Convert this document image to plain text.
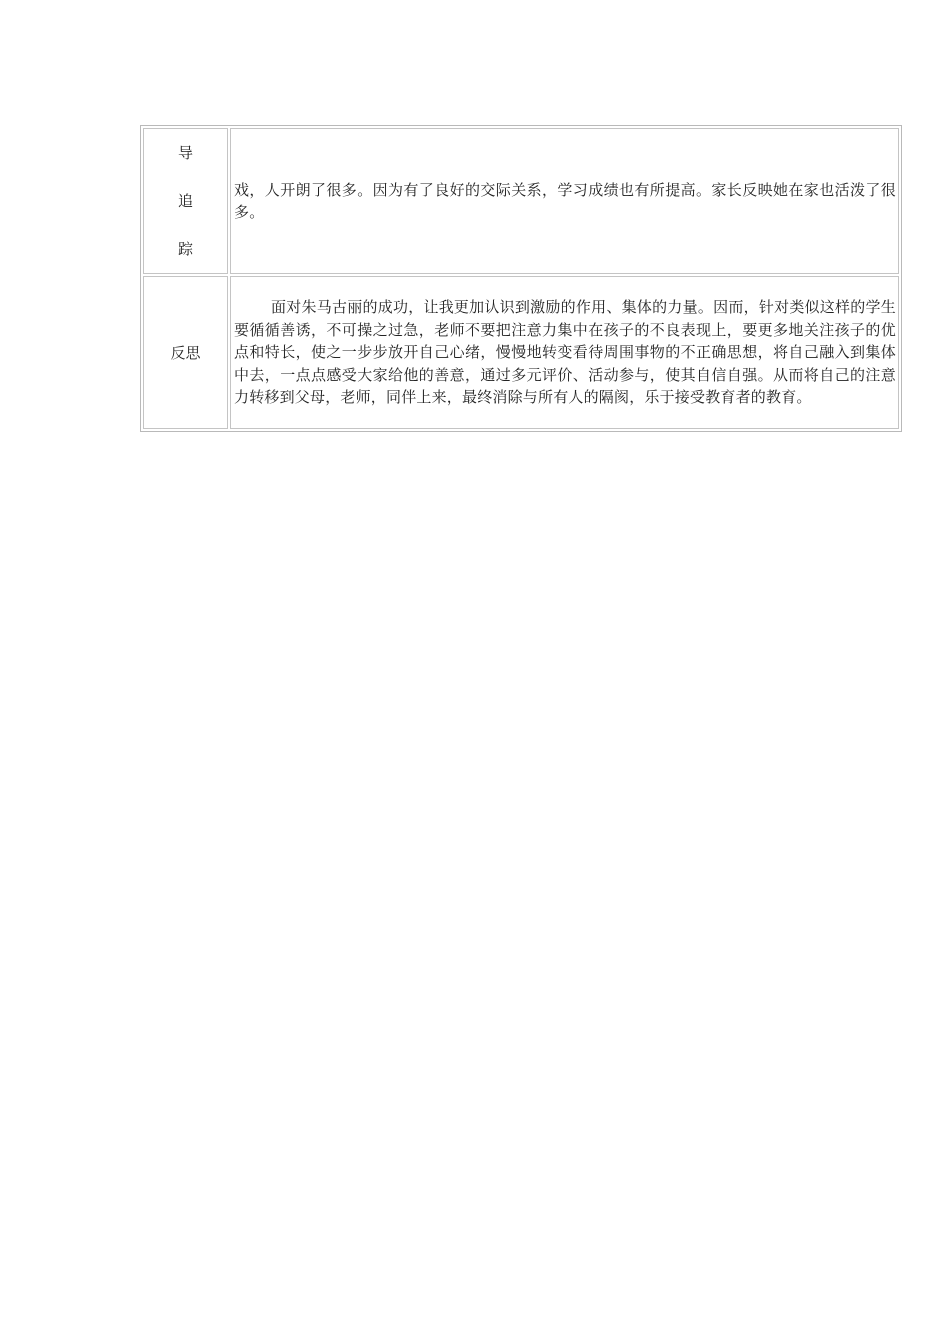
导
追
踪	戏，人开朗了很多。因为有了良好的交际关系，学习成绩也有所提高。家长反映她在家也活泼了很多。

反思	面对朱马古丽的成功，让我更加认识到激励的作用、集体的力量。因而，针对类似这样的学生要循循善诱，不可操之过急，老师不要把注意力集中在孩子的不良表现上，要更多地关注孩子的优点和特长，使之一步步放开自己心绪，慢慢地转变看待周围事物的不正确思想，将自己融入到集体中去，一点点感受大家给他的善意，通过多元评价、活动参与，使其自信自强。从而将自己的注意力转移到父母，老师，同伴上来，最终消除与所有人的隔阂，乐于接受教育者的教育。
